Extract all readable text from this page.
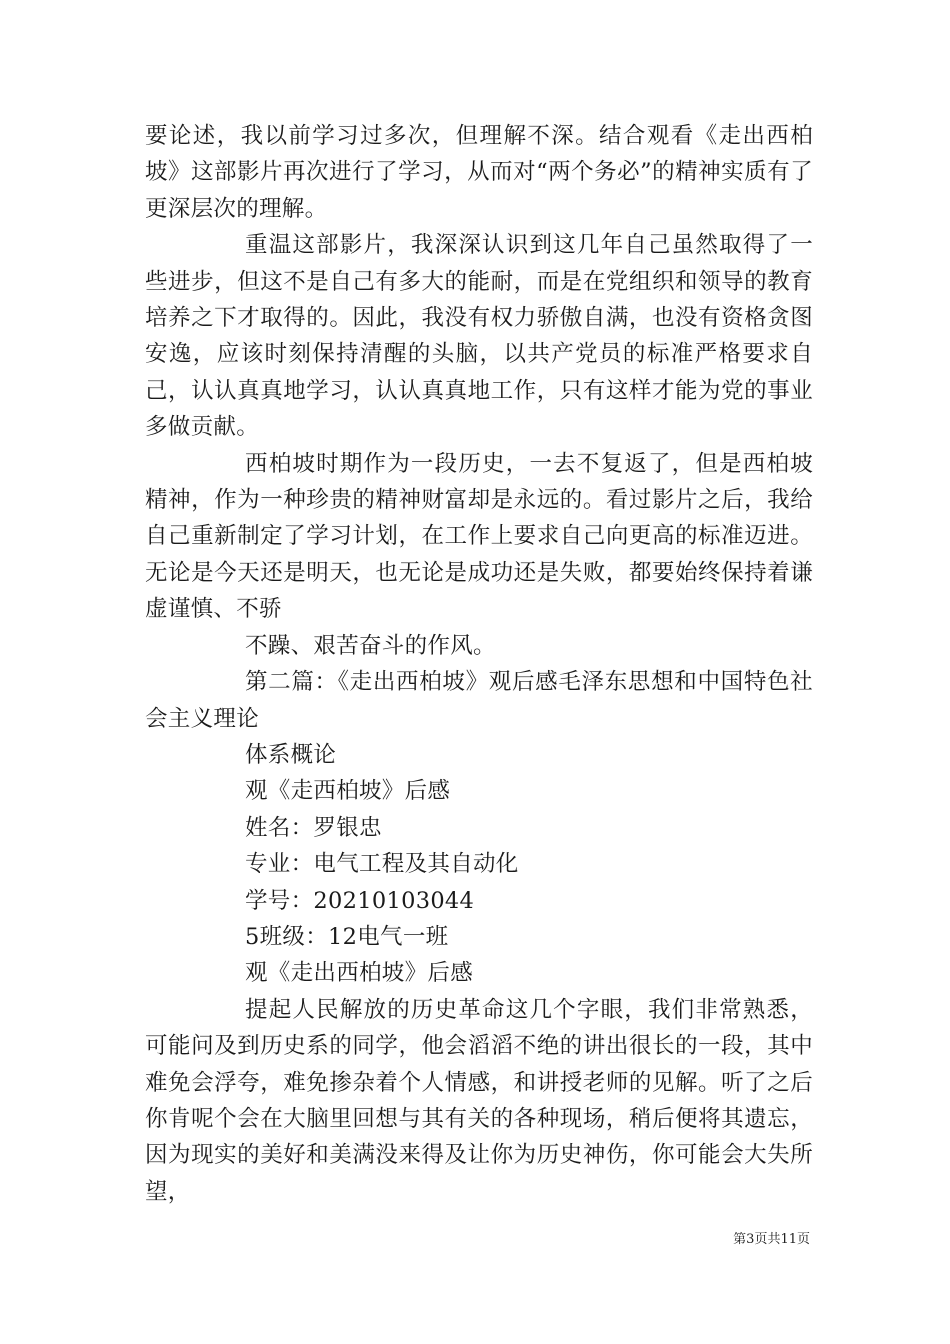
要论述，我以前学习过多次，但理解不深。结合观看《走出西柏坡》这部影片再次进行了学习，从而对“两个务必”的精神实质有了更深层次的理解。

重温这部影片，我深深认识到这几年自己虽然取得了一些进步，但这不是自己有多大的能耐，而是在党组织和领导的教育培养之下才取得的。因此，我没有权力骄傲自满，也没有资格贪图安逸，应该时刻保持清醒的头脑，以共产党员的标准严格要求自己，认认真真地学习，认认真真地工作，只有这样才能为党的事业多做贡献。

西柏坡时期作为一段历史，一去不复返了，但是西柏坡精神，作为一种珍贵的精神财富却是永远的。看过影片之后，我给自己重新制定了学习计划，在工作上要求自己向更高的标准迈进。无论是今天还是明天，也无论是成功还是失败，都要始终保持着谦虚谨慎、不骄

不躁、艰苦奋斗的作风。

第二篇：《走出西柏坡》观后感毛泽东思想和中国特色社会主义理论

体系概论

观《走西柏坡》后感

姓名：罗银忠

专业：电气工程及其自动化

学号：20210103044

5班级：12电气一班

观《走出西柏坡》后感

提起人民解放的历史革命这几个字眼，我们非常熟悉，可能问及到历史系的同学，他会滔滔不绝的讲出很长的一段，其中难免会浮夸，难免掺杂着个人情感，和讲授老师的见解。听了之后你肯呢个会在大脑里回想与其有关的各种现场，稍后便将其遗忘，因为现实的美好和美满没来得及让你为历史神伤，你可能会大失所望，

第3页共11页
